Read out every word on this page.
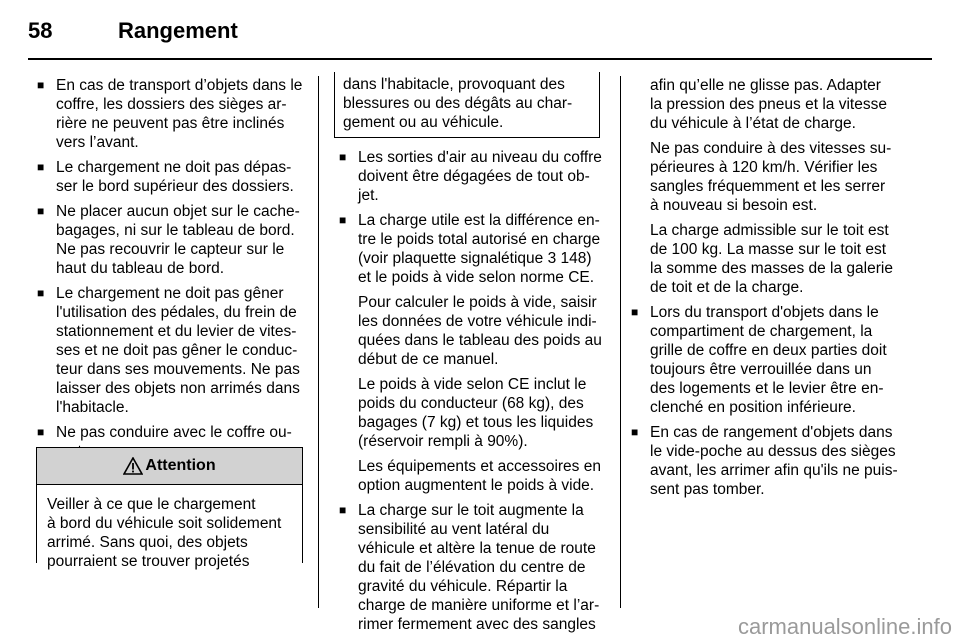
58	Rangement
■ En cas de transport d’objets dans le
coffre, les dossiers des sièges ar-
rière ne peuvent pas être inclinés
vers l’avant.
■ Le chargement ne doit pas dépas-
ser le bord supérieur des dossiers.
■ Ne placer aucun objet sur le cache-
bagages, ni sur le tableau de bord.
Ne pas recouvrir le capteur sur le
haut du tableau de bord.
■ Le chargement ne doit pas gêner
l'utilisation des pédales, du frein de
stationnement et du levier de vites-
ses et ne doit pas gêner le conduc-
teur dans ses mouvements. Ne pas
laisser des objets non arrimés dans
l'habitacle.
■ Ne pas conduire avec le coffre ou-
Attention
Veiller à ce que le chargement
à bord du véhicule soit solidement
arrimé. Sans quoi, des objets
pourraient se trouver projetés
dans l'habitacle, provoquant des
blessures ou des dégâts au char-
gement ou au véhicule.
■ Les sorties d'air au niveau du coffre
doivent être dégagées de tout ob-
jet.
■ La charge utile est la différence en-
tre le poids total autorisé en charge
(voir plaquette signalétique 3 148)
et le poids à vide selon norme CE.
Pour calculer le poids à vide, saisir
les données de votre véhicule indi-
quées dans le tableau des poids au
début de ce manuel.
Le poids à vide selon CE inclut le
poids du conducteur (68 kg), des
bagages (7 kg) et tous les liquides
(réservoir rempli à 90%).
Les équipements et accessoires en
option augmentent le poids à vide.
■ La charge sur le toit augmente la
sensibilité au vent latéral du
véhicule et altère la tenue de route
du fait de l’élévation du centre de
gravité du véhicule. Répartir la
charge de manière uniforme et l’ar-
rimer fermement avec des sangles
afin qu’elle ne glisse pas. Adapter
la pression des pneus et la vitesse
du véhicule à l’état de charge.
Ne pas conduire à des vitesses su-
périeures à 120 km/h. Vérifier les
sangles fréquemment et les serrer
à nouveau si besoin est.
La charge admissible sur le toit est
de 100 kg. La masse sur le toit est
la somme des masses de la galerie
de toit et de la charge.
■ Lors du transport d'objets dans le
compartiment de chargement, la
grille de coffre en deux parties doit
toujours être verrouillée dans un
des logements et le levier être en-
clenché en position inférieure.
■ En cas de rangement d'objets dans
le vide-poche au dessus des sièges
avant, les arrimer afin qu'ils ne puis-
sent pas tomber.
carmanualsonline.info
